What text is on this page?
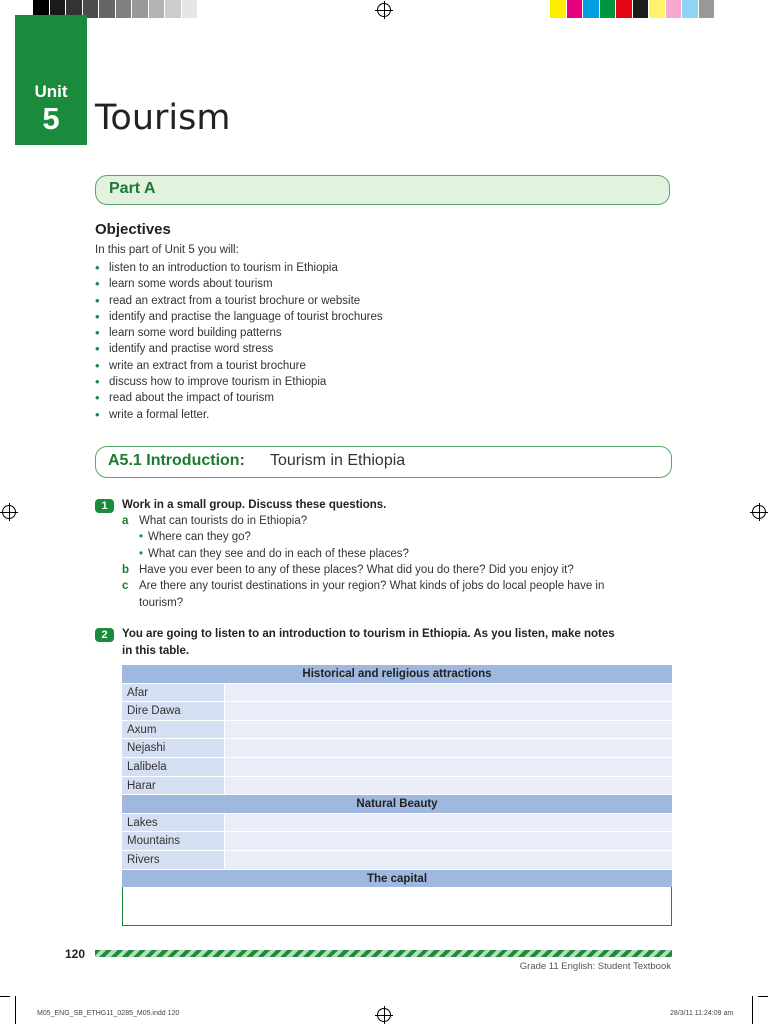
Unit
5	Tourism
Part A
Objectives
In this part of Unit 5 you will:
• listen to an introduction to tourism in Ethiopia
• learn some words about tourism
• read an extract from a tourist brochure or website
• identify and practise the language of tourist brochures
• learn some word building patterns
• identify and practise word stress
• write an extract from a tourist brochure
• discuss how to improve tourism in Ethiopia
• read about the impact of tourism
• write a formal letter.
A5.1 Introduction: Tourism in Ethiopia
1	Work in a small group. Discuss these questions.
a What can tourists do in Ethiopia?
• Where can they go?
• What can they see and do in each of these places?
b Have you ever been to any of these places? What did you do there? Did you enjoy it?
c Are there any tourist destinations in your region? What kinds of jobs do local people have in
tourism?
2	You are going to listen to an introduction to tourism in Ethiopia. As you listen, make notes
in this table.
Historical and religious attractions
Afar
Dire Dawa
Axum
Nejashi
Lalibela
Harar
Natural Beauty
Lakes
Mountains
Rivers
The capital
120
Grade 11 English: Student Textbook
M05_ENG_SB_ETHG11_0285_M05.indd 120	28/3/11 11:24:09 am
